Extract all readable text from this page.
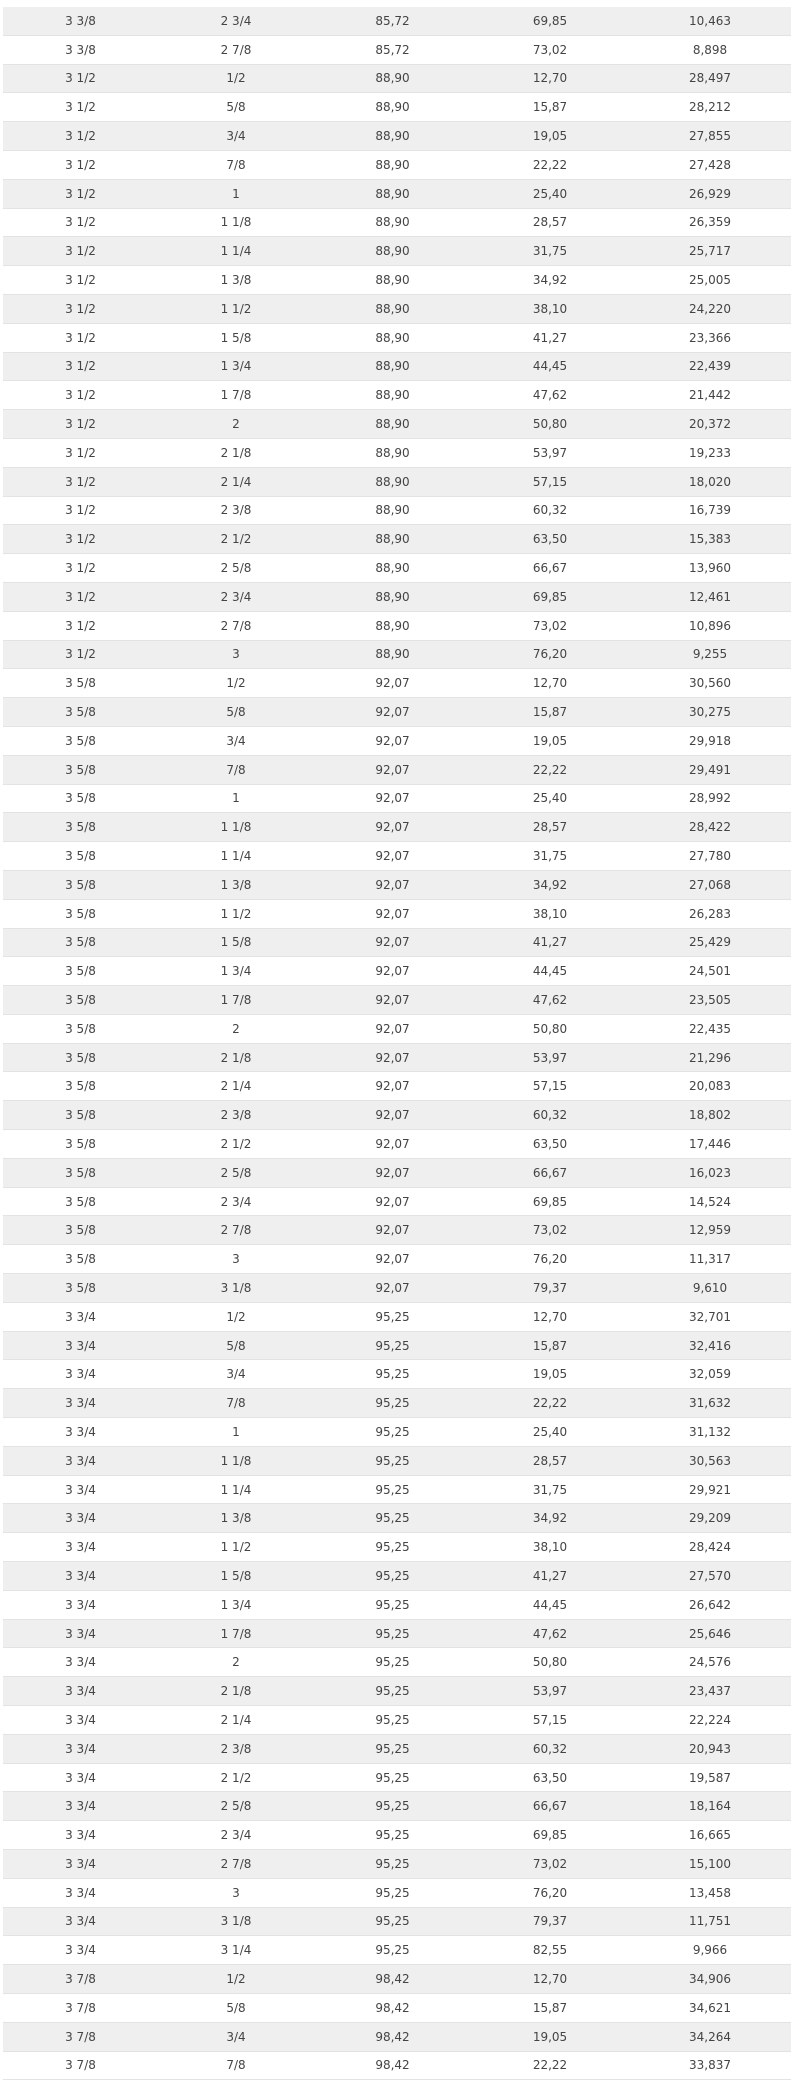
3 3/8	2 3/4	85,72	69,85	10,463
3 3/8	2 7/8	85,72	73,02	8,898
3 1/2	1/2	88,90	12,70	28,497
3 1/2	5/8	88,90	15,87	28,212
3 1/2	3/4	88,90	19,05	27,855
3 1/2	7/8	88,90	22,22	27,428
3 1/2	1	88,90	25,40	26,929
3 1/2	1 1/8	88,90	28,57	26,359
3 1/2	1 1/4	88,90	31,75	25,717
3 1/2	1 3/8	88,90	34,92	25,005
3 1/2	1 1/2	88,90	38,10	24,220
3 1/2	1 5/8	88,90	41,27	23,366
3 1/2	1 3/4	88,90	44,45	22,439
3 1/2	1 7/8	88,90	47,62	21,442
3 1/2	2	88,90	50,80	20,372
3 1/2	2 1/8	88,90	53,97	19,233
3 1/2	2 1/4	88,90	57,15	18,020
3 1/2	2 3/8	88,90	60,32	16,739
3 1/2	2 1/2	88,90	63,50	15,383
3 1/2	2 5/8	88,90	66,67	13,960
3 1/2	2 3/4	88,90	69,85	12,461
3 1/2	2 7/8	88,90	73,02	10,896
3 1/2	3	88,90	76,20	9,255
3 5/8	1/2	92,07	12,70	30,560
3 5/8	5/8	92,07	15,87	30,275
3 5/8	3/4	92,07	19,05	29,918
3 5/8	7/8	92,07	22,22	29,491
3 5/8	1	92,07	25,40	28,992
3 5/8	1 1/8	92,07	28,57	28,422
3 5/8	1 1/4	92,07	31,75	27,780
3 5/8	1 3/8	92,07	34,92	27,068
3 5/8	1 1/2	92,07	38,10	26,283
3 5/8	1 5/8	92,07	41,27	25,429
3 5/8	1 3/4	92,07	44,45	24,501
3 5/8	1 7/8	92,07	47,62	23,505
3 5/8	2	92,07	50,80	22,435
3 5/8	2 1/8	92,07	53,97	21,296
3 5/8	2 1/4	92,07	57,15	20,083
3 5/8	2 3/8	92,07	60,32	18,802
3 5/8	2 1/2	92,07	63,50	17,446
3 5/8	2 5/8	92,07	66,67	16,023
3 5/8	2 3/4	92,07	69,85	14,524
3 5/8	2 7/8	92,07	73,02	12,959
3 5/8	3	92,07	76,20	11,317
3 5/8	3 1/8	92,07	79,37	9,610
3 3/4	1/2	95,25	12,70	32,701
3 3/4	5/8	95,25	15,87	32,416
3 3/4	3/4	95,25	19,05	32,059
3 3/4	7/8	95,25	22,22	31,632
3 3/4	1	95,25	25,40	31,132
3 3/4	1 1/8	95,25	28,57	30,563
3 3/4	1 1/4	95,25	31,75	29,921
3 3/4	1 3/8	95,25	34,92	29,209
3 3/4	1 1/2	95,25	38,10	28,424
3 3/4	1 5/8	95,25	41,27	27,570
3 3/4	1 3/4	95,25	44,45	26,642
3 3/4	1 7/8	95,25	47,62	25,646
3 3/4	2	95,25	50,80	24,576
3 3/4	2 1/8	95,25	53,97	23,437
3 3/4	2 1/4	95,25	57,15	22,224
3 3/4	2 3/8	95,25	60,32	20,943
3 3/4	2 1/2	95,25	63,50	19,587
3 3/4	2 5/8	95,25	66,67	18,164
3 3/4	2 3/4	95,25	69,85	16,665
3 3/4	2 7/8	95,25	73,02	15,100
3 3/4	3	95,25	76,20	13,458
3 3/4	3 1/8	95,25	79,37	11,751
3 3/4	3 1/4	95,25	82,55	9,966
3 7/8	1/2	98,42	12,70	34,906
3 7/8	5/8	98,42	15,87	34,621
3 7/8	3/4	98,42	19,05	34,264
3 7/8	7/8	98,42	22,22	33,837
